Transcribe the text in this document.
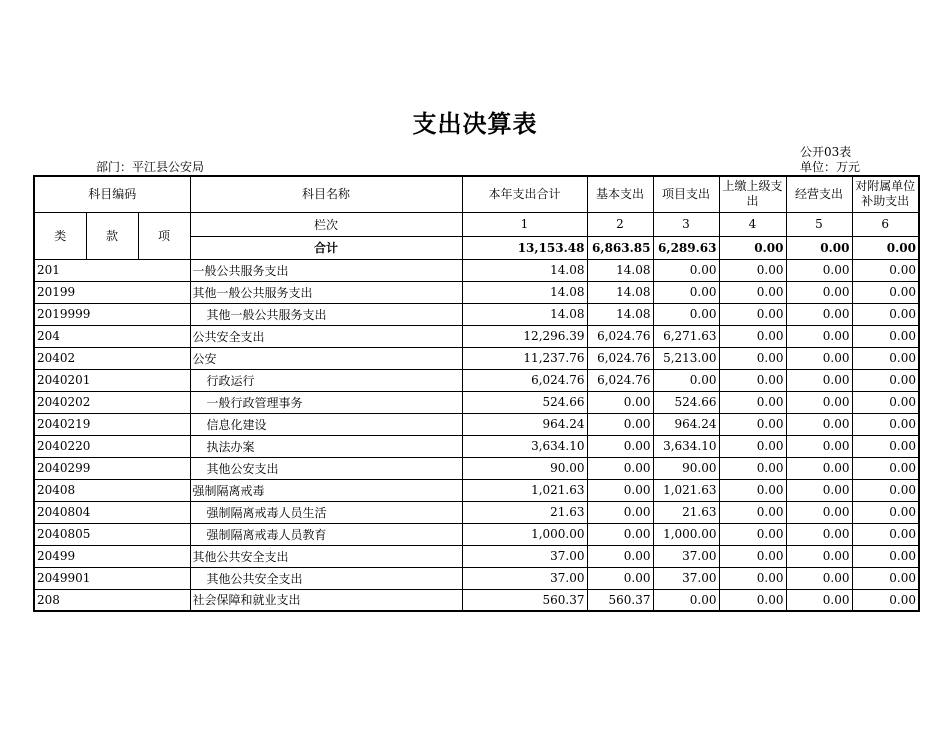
支出决算表
公开03表
部门：平江县公安局	单位：万元
科目编码			科目名称	本年支出合计	基本支出	项目支出	上缴上级支出	经营支出	对附属单位补助支出
类	款	项	栏次	1	2	3	4	5	6
			合计	13,153.48	6,863.85	6,289.63	0.00	0.00	0.00
201			一般公共服务支出	14.08	14.08	0.00	0.00	0.00	0.00
20199			其他一般公共服务支出	14.08	14.08	0.00	0.00	0.00	0.00
2019999			其他一般公共服务支出	14.08	14.08	0.00	0.00	0.00	0.00
204			公共安全支出	12,296.39	6,024.76	6,271.63	0.00	0.00	0.00
20402			公安	11,237.76	6,024.76	5,213.00	0.00	0.00	0.00
2040201			行政运行	6,024.76	6,024.76	0.00	0.00	0.00	0.00
2040202			一般行政管理事务	524.66	0.00	524.66	0.00	0.00	0.00
2040219			信息化建设	964.24	0.00	964.24	0.00	0.00	0.00
2040220			执法办案	3,634.10	0.00	3,634.10	0.00	0.00	0.00
2040299			其他公安支出	90.00	0.00	90.00	0.00	0.00	0.00
20408			强制隔离戒毒	1,021.63	0.00	1,021.63	0.00	0.00	0.00
2040804			强制隔离戒毒人员生活	21.63	0.00	21.63	0.00	0.00	0.00
2040805			强制隔离戒毒人员教育	1,000.00	0.00	1,000.00	0.00	0.00	0.00
20499			其他公共安全支出	37.00	0.00	37.00	0.00	0.00	0.00
2049901			其他公共安全支出	37.00	0.00	37.00	0.00	0.00	0.00
208			社会保障和就业支出	560.37	560.37	0.00	0.00	0.00	0.00
